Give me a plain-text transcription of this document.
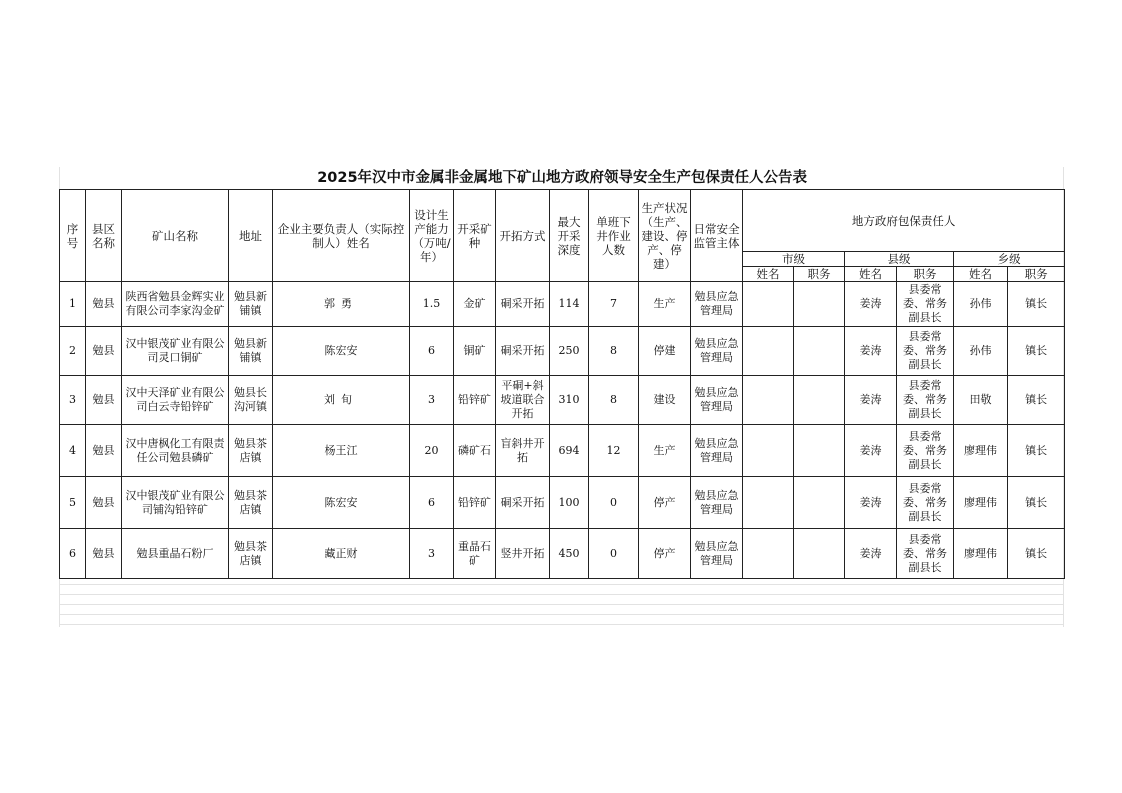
2025年汉中市金属非金属地下矿山地方政府领导安全生产包保责任人公告表																	
序号	县区名称	矿山名称	地址	企业主要负责人（实际控制人）姓名	设计生产能力（万吨/年）	开采矿种	开拓方式	最大开采深度	单班下井作业人数	生产状况（生产、建设、停产、停建）	日常安全监管主体	地方政府包保责任人					
												市级		县级		乡级	
												姓名	职务	姓名	职务	姓名	职务
1	勉县	陕西省勉县金辉实业有限公司李家沟金矿	勉县新铺镇	郭勇	1.5	金矿	硐采开拓	114	7	生产	勉县应急管理局			姜涛	县委常委、常务副县长	孙伟	镇长
2	勉县	汉中银茂矿业有限公司灵口铜矿	勉县新铺镇	陈宏安	6	铜矿	硐采开拓	250	8	停建	勉县应急管理局			姜涛	县委常委、常务副县长	孙伟	镇长
3	勉县	汉中天泽矿业有限公司白云寺铅锌矿	勉县长沟河镇	刘旬	3	铅锌矿	平硐+斜坡道联合开拓	310	8	建设	勉县应急管理局			姜涛	县委常委、常务副县长	田敬	镇长
4	勉县	汉中唐枫化工有限责任公司勉县磷矿	勉县茶店镇	杨王江	20	磷矿石	盲斜井开拓	694	12	生产	勉县应急管理局			姜涛	县委常委、常务副县长	廖理伟	镇长
5	勉县	汉中银茂矿业有限公司铺沟铅锌矿	勉县茶店镇	陈宏安	6	铅锌矿	硐采开拓	100	0	停产	勉县应急管理局			姜涛	县委常委、常务副县长	廖理伟	镇长
6	勉县	勉县重晶石粉厂	勉县茶店镇	藏正财	3	重晶石矿	竖井开拓	450	0	停产	勉县应急管理局			姜涛	县委常委、常务副县长	廖理伟	镇长
